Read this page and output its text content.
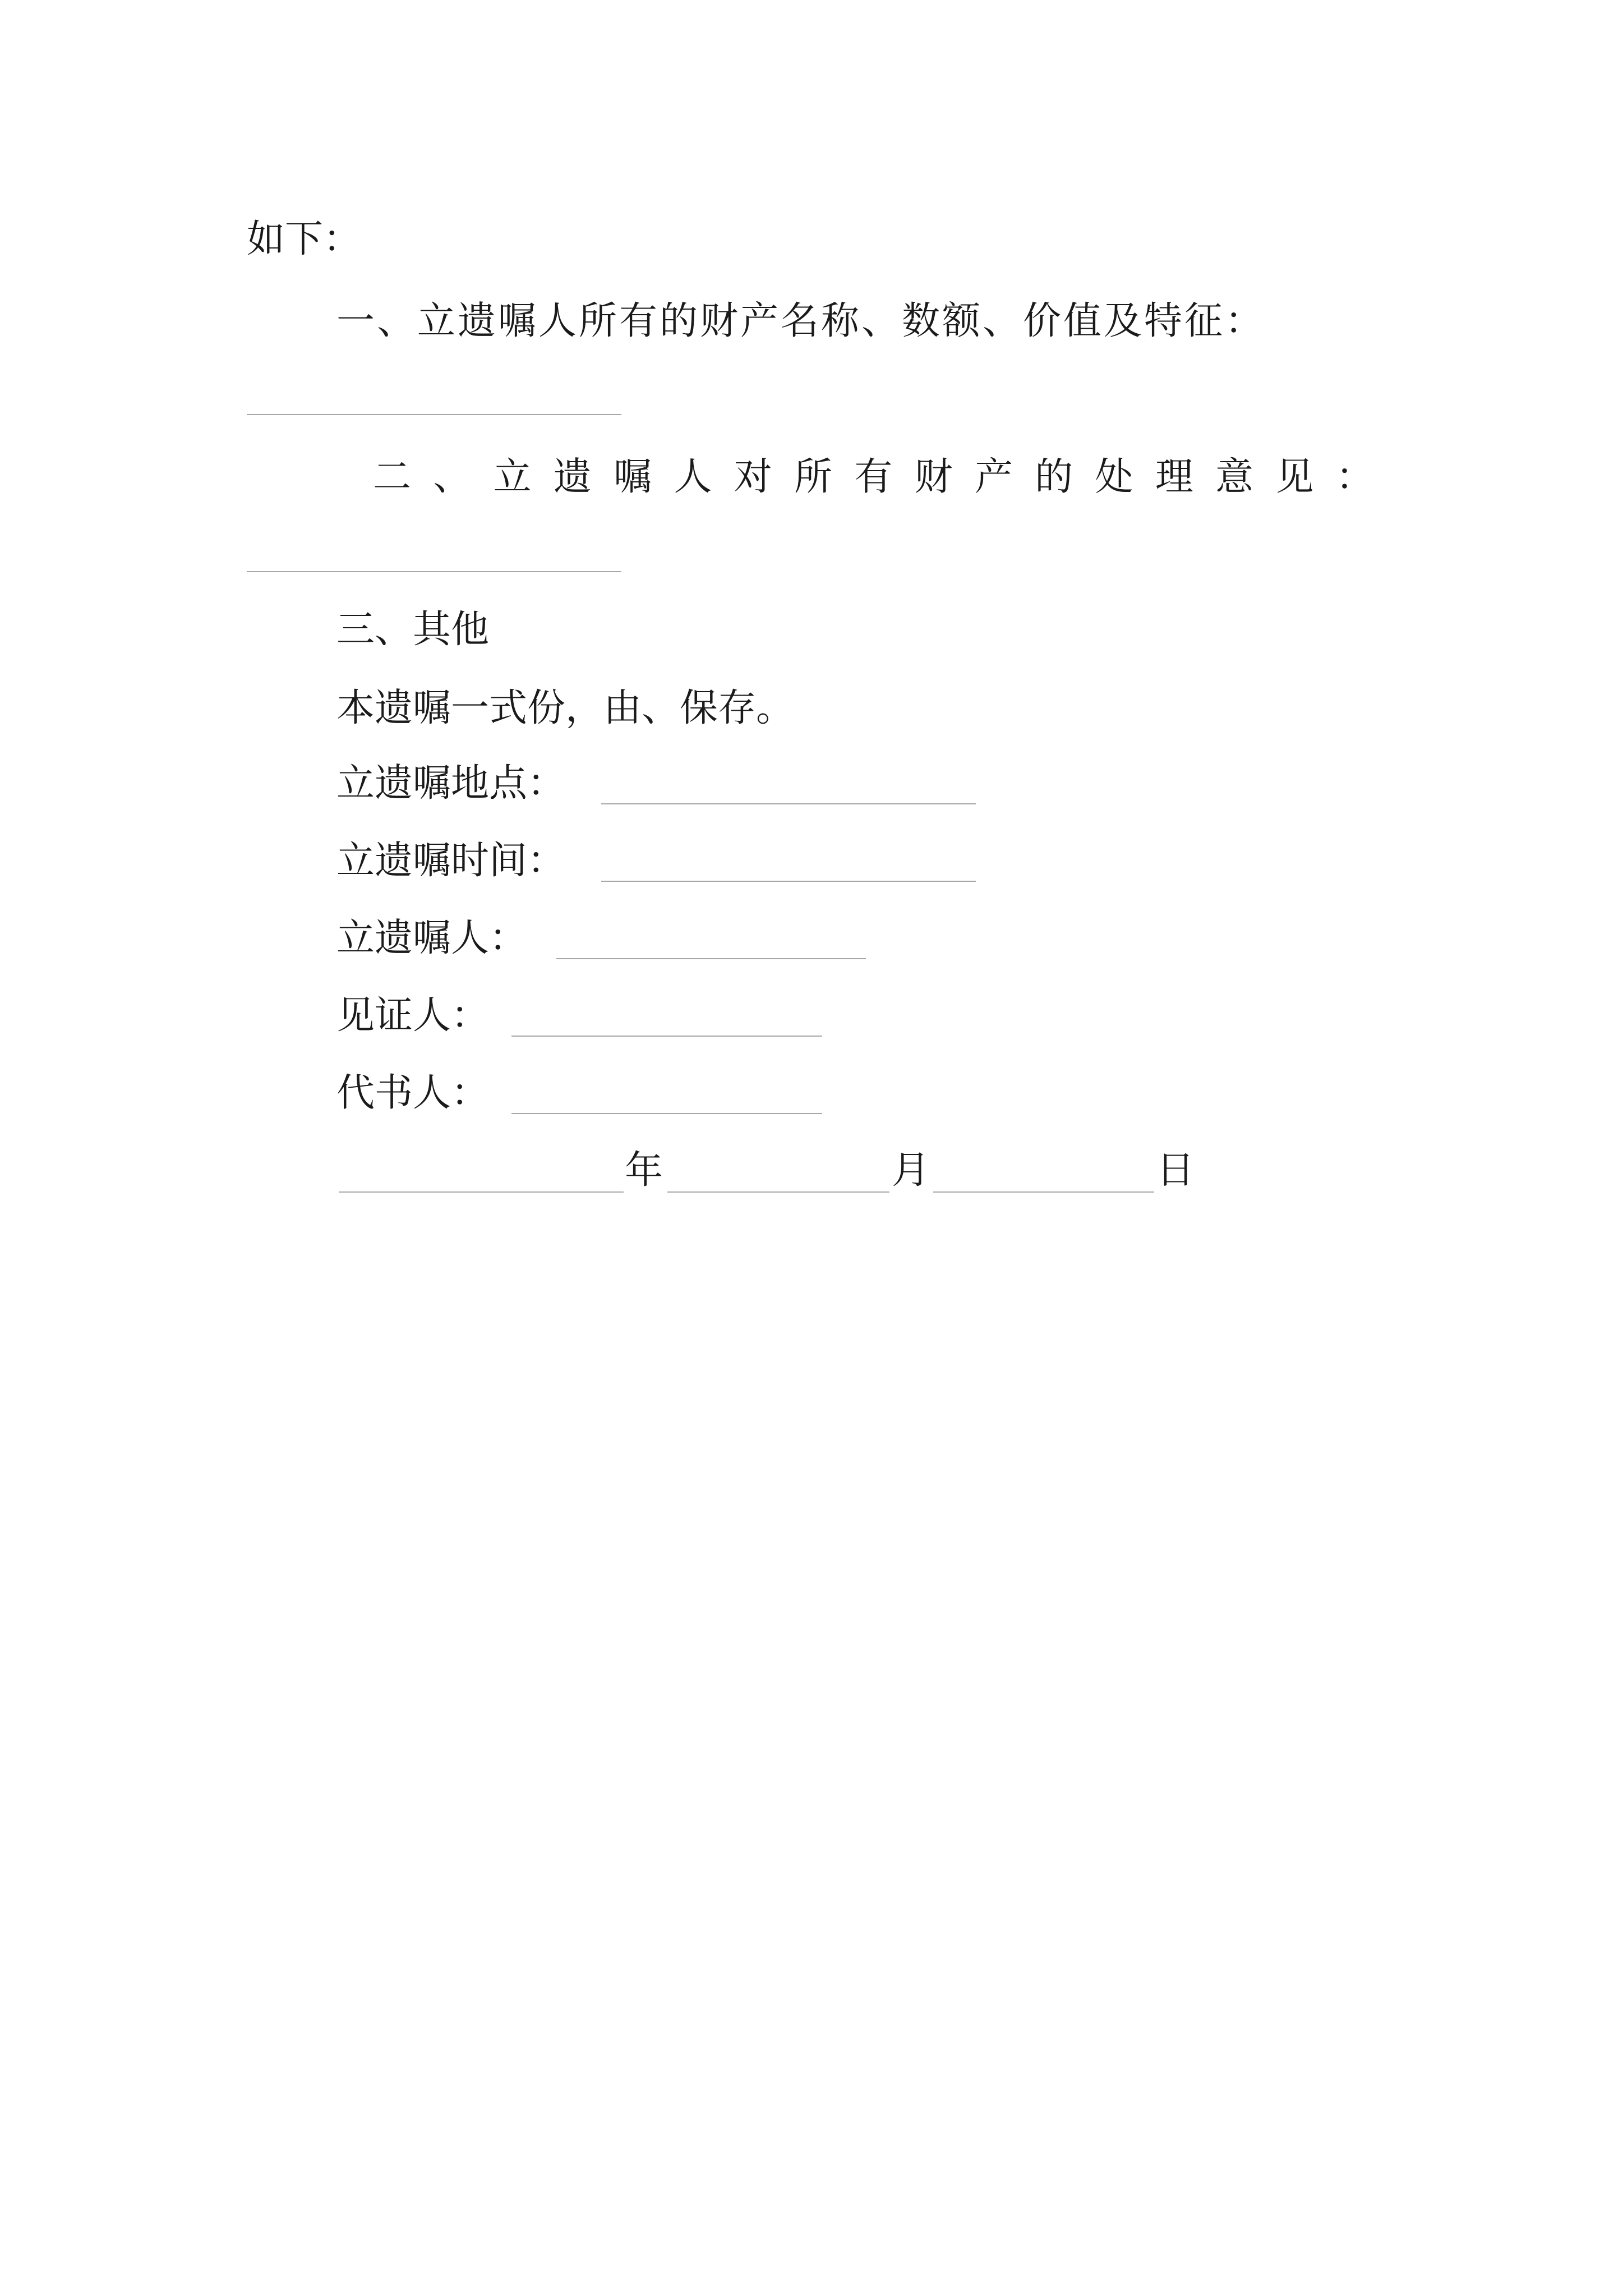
如下：
一、立遗嘱人所有的财产名称、数额、价值及特征：
二 、 立 遗 嘱 人 对 所 有 财 产 的 处 理 意 见 ：
三、其他
本遗嘱一式份，由、保存。
立遗嘱地点：
立遗嘱时间：
立遗嘱人：
见证人：
代书人：
年	月	日
